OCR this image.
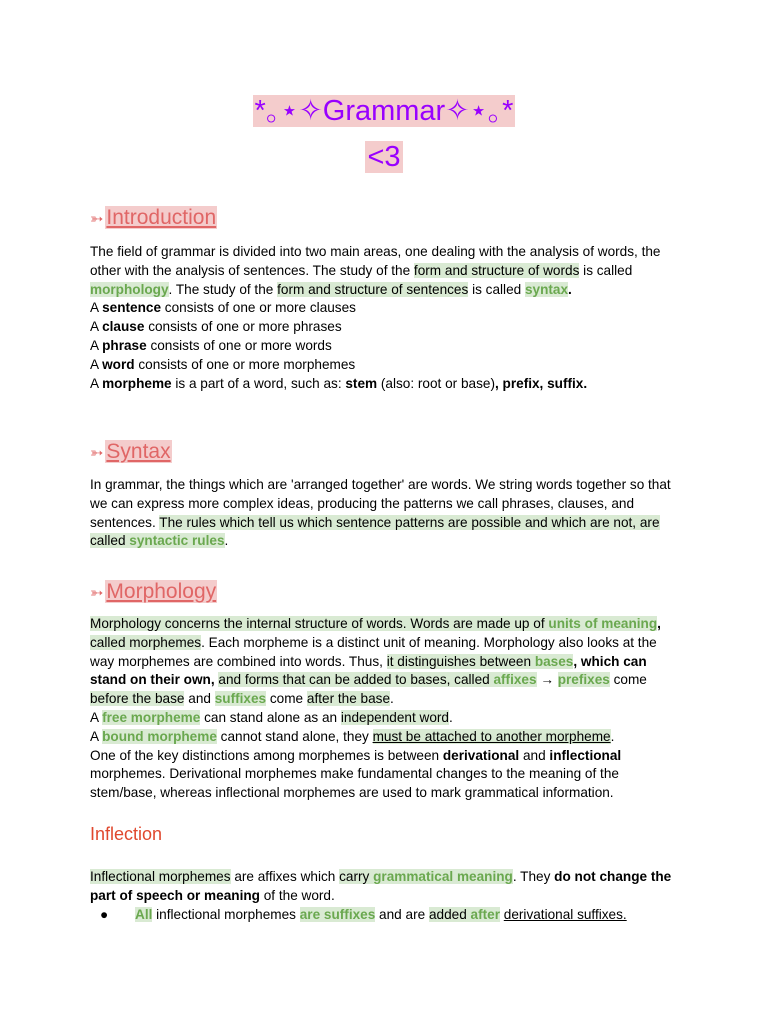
*｡⋆✧Grammar✧⋆｡*
<3
➳ Introduction
The field of grammar is divided into two main areas, one dealing with the analysis of words, the other with the analysis of sentences. The study of the form and structure of words is called morphology. The study of the form and structure of sentences is called syntax.
A sentence consists of one or more clauses
A clause consists of one or more phrases
A phrase consists of one or more words
A word consists of one or more morphemes
A morpheme is a part of a word, such as: stem (also: root or base), prefix, suffix.
➳ Syntax
In grammar, the things which are 'arranged together' are words. We string words together so that we can express more complex ideas, producing the patterns we call phrases, clauses, and sentences. The rules which tell us which sentence patterns are possible and which are not, are called syntactic rules.
➳ Morphology
Morphology concerns the internal structure of words. Words are made up of units of meaning, called morphemes. Each morpheme is a distinct unit of meaning. Morphology also looks at the way morphemes are combined into words. Thus, it distinguishes between bases, which can stand on their own, and forms that can be added to bases, called affixes → prefixes come before the base and suffixes come after the base.
A free morpheme can stand alone as an independent word.
A bound morpheme cannot stand alone, they must be attached to another morpheme.
One of the key distinctions among morphemes is between derivational and inflectional morphemes. Derivational morphemes make fundamental changes to the meaning of the stem/base, whereas inflectional morphemes are used to mark grammatical information.
Inflection
Inflectional morphemes are affixes which carry grammatical meaning. They do not change the part of speech or meaning of the word.
● All inflectional morphemes are suffixes and are added after derivational suffixes.
